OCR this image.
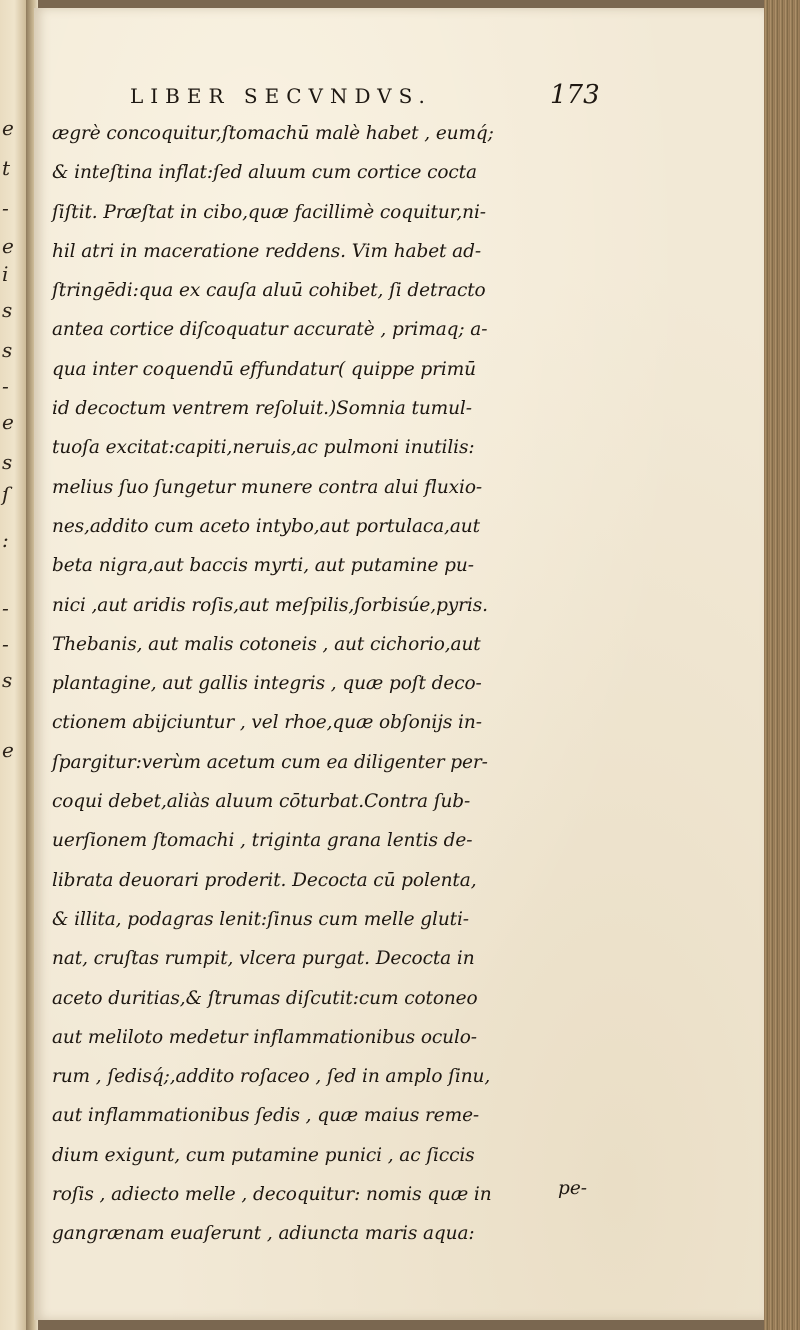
e
t
-
e
i
s
s
-
e
s
ſ
:
-
-
s
e
LIBER SECVNDVS.	173
ægrè concoquitur,ſtomachū malè habet , eumq́;
& inteſtina inflat:ſed aluum cum cortice cocta
ſiſtit. Præſtat in cibo,quæ facillimè coquitur,ni-
hil atri in maceratione reddens. Vim habet ad-
ſtringēdi:qua ex cauſa aluū cohibet, ſi detracto
antea cortice diſcoquatur accuratè , primaq; a-
qua inter coquendū effundatur( quippe primū
id decoctum ventrem reſoluit.)Somnia tumul-
tuoſa excitat:capiti,neruis,ac pulmoni inutilis:
melius ſuo ſungetur munere contra alui fluxio-
nes,addito cum aceto intybo,aut portulaca,aut
beta nigra,aut baccis myrti, aut putamine pu-
nici ,aut aridis roſis,aut meſpilis,ſorbisúe,pyris.
Thebanis, aut malis cotoneis , aut cichorio,aut
plantagine, aut gallis integris , quæ poſt deco-
ctionem abijciuntur , vel rhoe,quæ obſonijs in-
ſpargitur:verùm acetum cum ea diligenter per-
coqui debet,aliàs aluum cōturbat.Contra ſub-
uerſionem ſtomachi , triginta grana lentis de-
librata deuorari proderit. Decocta cū polenta,
& illita, podagras lenit:ſinus cum melle gluti-
nat, cruſtas rumpit, vlcera purgat. Decocta in
aceto duritias,& ſtrumas diſcutit:cum cotoneo
aut meliloto medetur inflammationibus oculo-
rum , ſedisq́;,addito roſaceo , ſed in amplo ſinu,
aut inflammationibus ſedis , quæ maius reme-
dium exigunt, cum putamine punici , ac ſiccis
roſis , adiecto melle , decoquitur: nomis quæ in
gangrænam euaſerunt , adiuncta maris aqua:
pe-
